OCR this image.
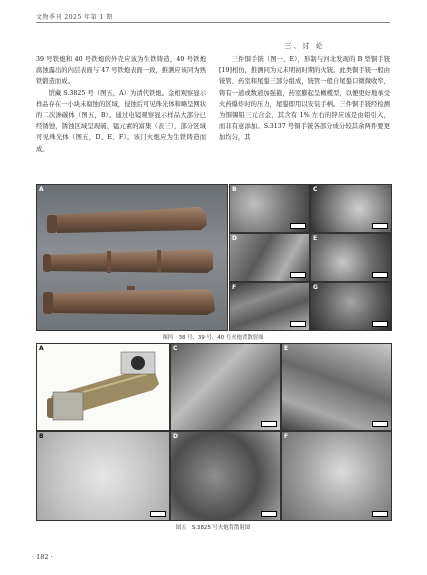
文物季刊 2025 年第 1 期

39 号铁炮和 40 号铁炮的外壳应该为生铁铸造，40 号铁炮腐蚀露出的内层表面与 47 号铁炮表面一致，推测应该同为熟铁锻造而成。

馆藏 S.3825 号（图五，A）为清代铁炮。金相观察显示样品存在一小块未腐蚀的区域，侵蚀后可见珠光体和略呈网状的二次渗碳体（图五，B）。通过电镜观察显示样品大部分已经锈蚀，锈蚀区域呈现硫、锰元素的富集（表三），部分区域可见珠光体（图五，D、E、F）。该门火炮应为生铁铸造而成。

三、讨 论

三件铜手铳（图一，E），形制与河北发现的 B 型铜手铳[19]相仿，推测同为元末明初时期的火铳。此类铜手铳一般由铳管、药室和尾銎三部分组成，铳管一般自尾銎口微微收窄，铸有一道或数道加强箍，药室膨起呈橄榄型，以便更好地承受火药爆炸时的压力，尾銎即用以安装手柄。三件铜手铳经检测为铜锡铅三元合金，其含有 1% 左右的锌应该是由铅引入，而非有意添加。S.3137 号铜手铳各部分成分较其余两件要更加均匀，其

A	B	C
D	E
F	G
图四　38 号、39 号、40 号火炮背散射图
A
B
C
D
E
F
图五　S.3825 号火炮背散射图
· 182 ·
